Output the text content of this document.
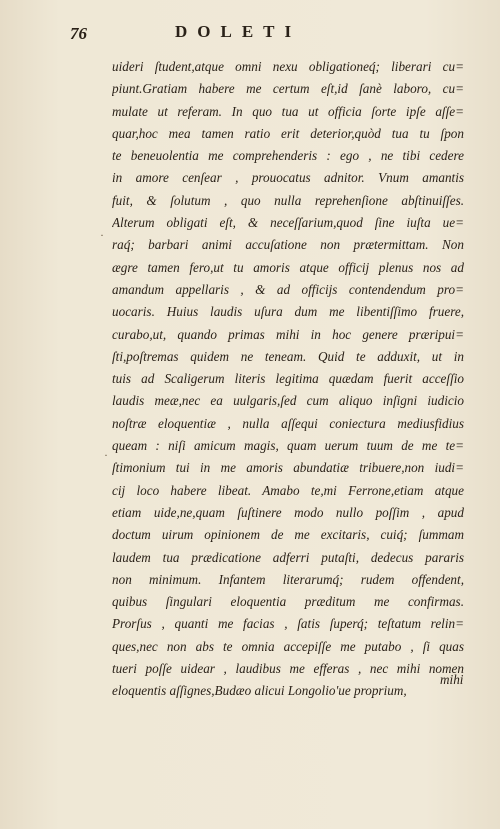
76	DOLETI
uideri ſtudent,atque omni nexu obligationeq́; liberari cu=
piunt.Gratiam habere me certum eſt,id ſanè laboro, cu=
mulate ut referam. In quo tua ut officia ſorte ipſe aſſe=
quar,hoc mea tamen ratio erit deterior,quòd tua tu ſpon
te beneuolentia me comprehenderis : ego , ne tibi cedere
in amore cenſear , prouocatus adnitor. Vnum amantis
fuit, & ſolutum , quo nulla reprehenſione abſtinuiſſes.
Alterum obligati eſt, & neceſſarium,quod ſine iuſta ue=
raq́; barbari animi accuſatione non prætermittam. Non
ægre tamen fero,ut tu amoris atque officij plenus nos ad
amandum appellaris , & ad officijs contendendum pro=
uocaris. Huius laudis uſura dum me libentiſſimo fruere,
curabo,ut, quando primas mihi in hoc genere præripui=
ſti,poſtremas quidem ne teneam. Quid te adduxit, ut in
tuis ad Scaligerum literis legitima quædam fuerit acceſſio
laudis meæ,nec ea uulgaris,ſed cum aliquo inſigni iudicio
noſtræ eloquentiæ , nulla aſſequi coniectura mediusfidius
queam : niſi amicum magis, quam uerum tuum de me te=
ſtimonium tui in me amoris abundatiæ tribuere,non iudi=
cij loco habere libeat. Amabo te,mi Ferrone,etiam atque
etiam uide,ne,quam ſuſtinere modo nullo poſſim , apud
doctum uirum opinionem de me excitaris, cuiq́; ſummam
laudem tua prædicatione adferri putaſti, dedecus pararis
non minimum. Infantem literarumq́; rudem offendent,
quibus ſingulari eloquentia præditum me confirmas.
Prorſus , quanti me facias , ſatis ſuperq́; teſtatum relin=
ques,nec non abs te omnia accepiſſe me putabo , ſi quas
tueri poſſe uidear , laudibus me efferas , nec mihi nomen
eloquentis aſſignes,Budæo alicui Longolio'ue proprium,
mihi
·
·
